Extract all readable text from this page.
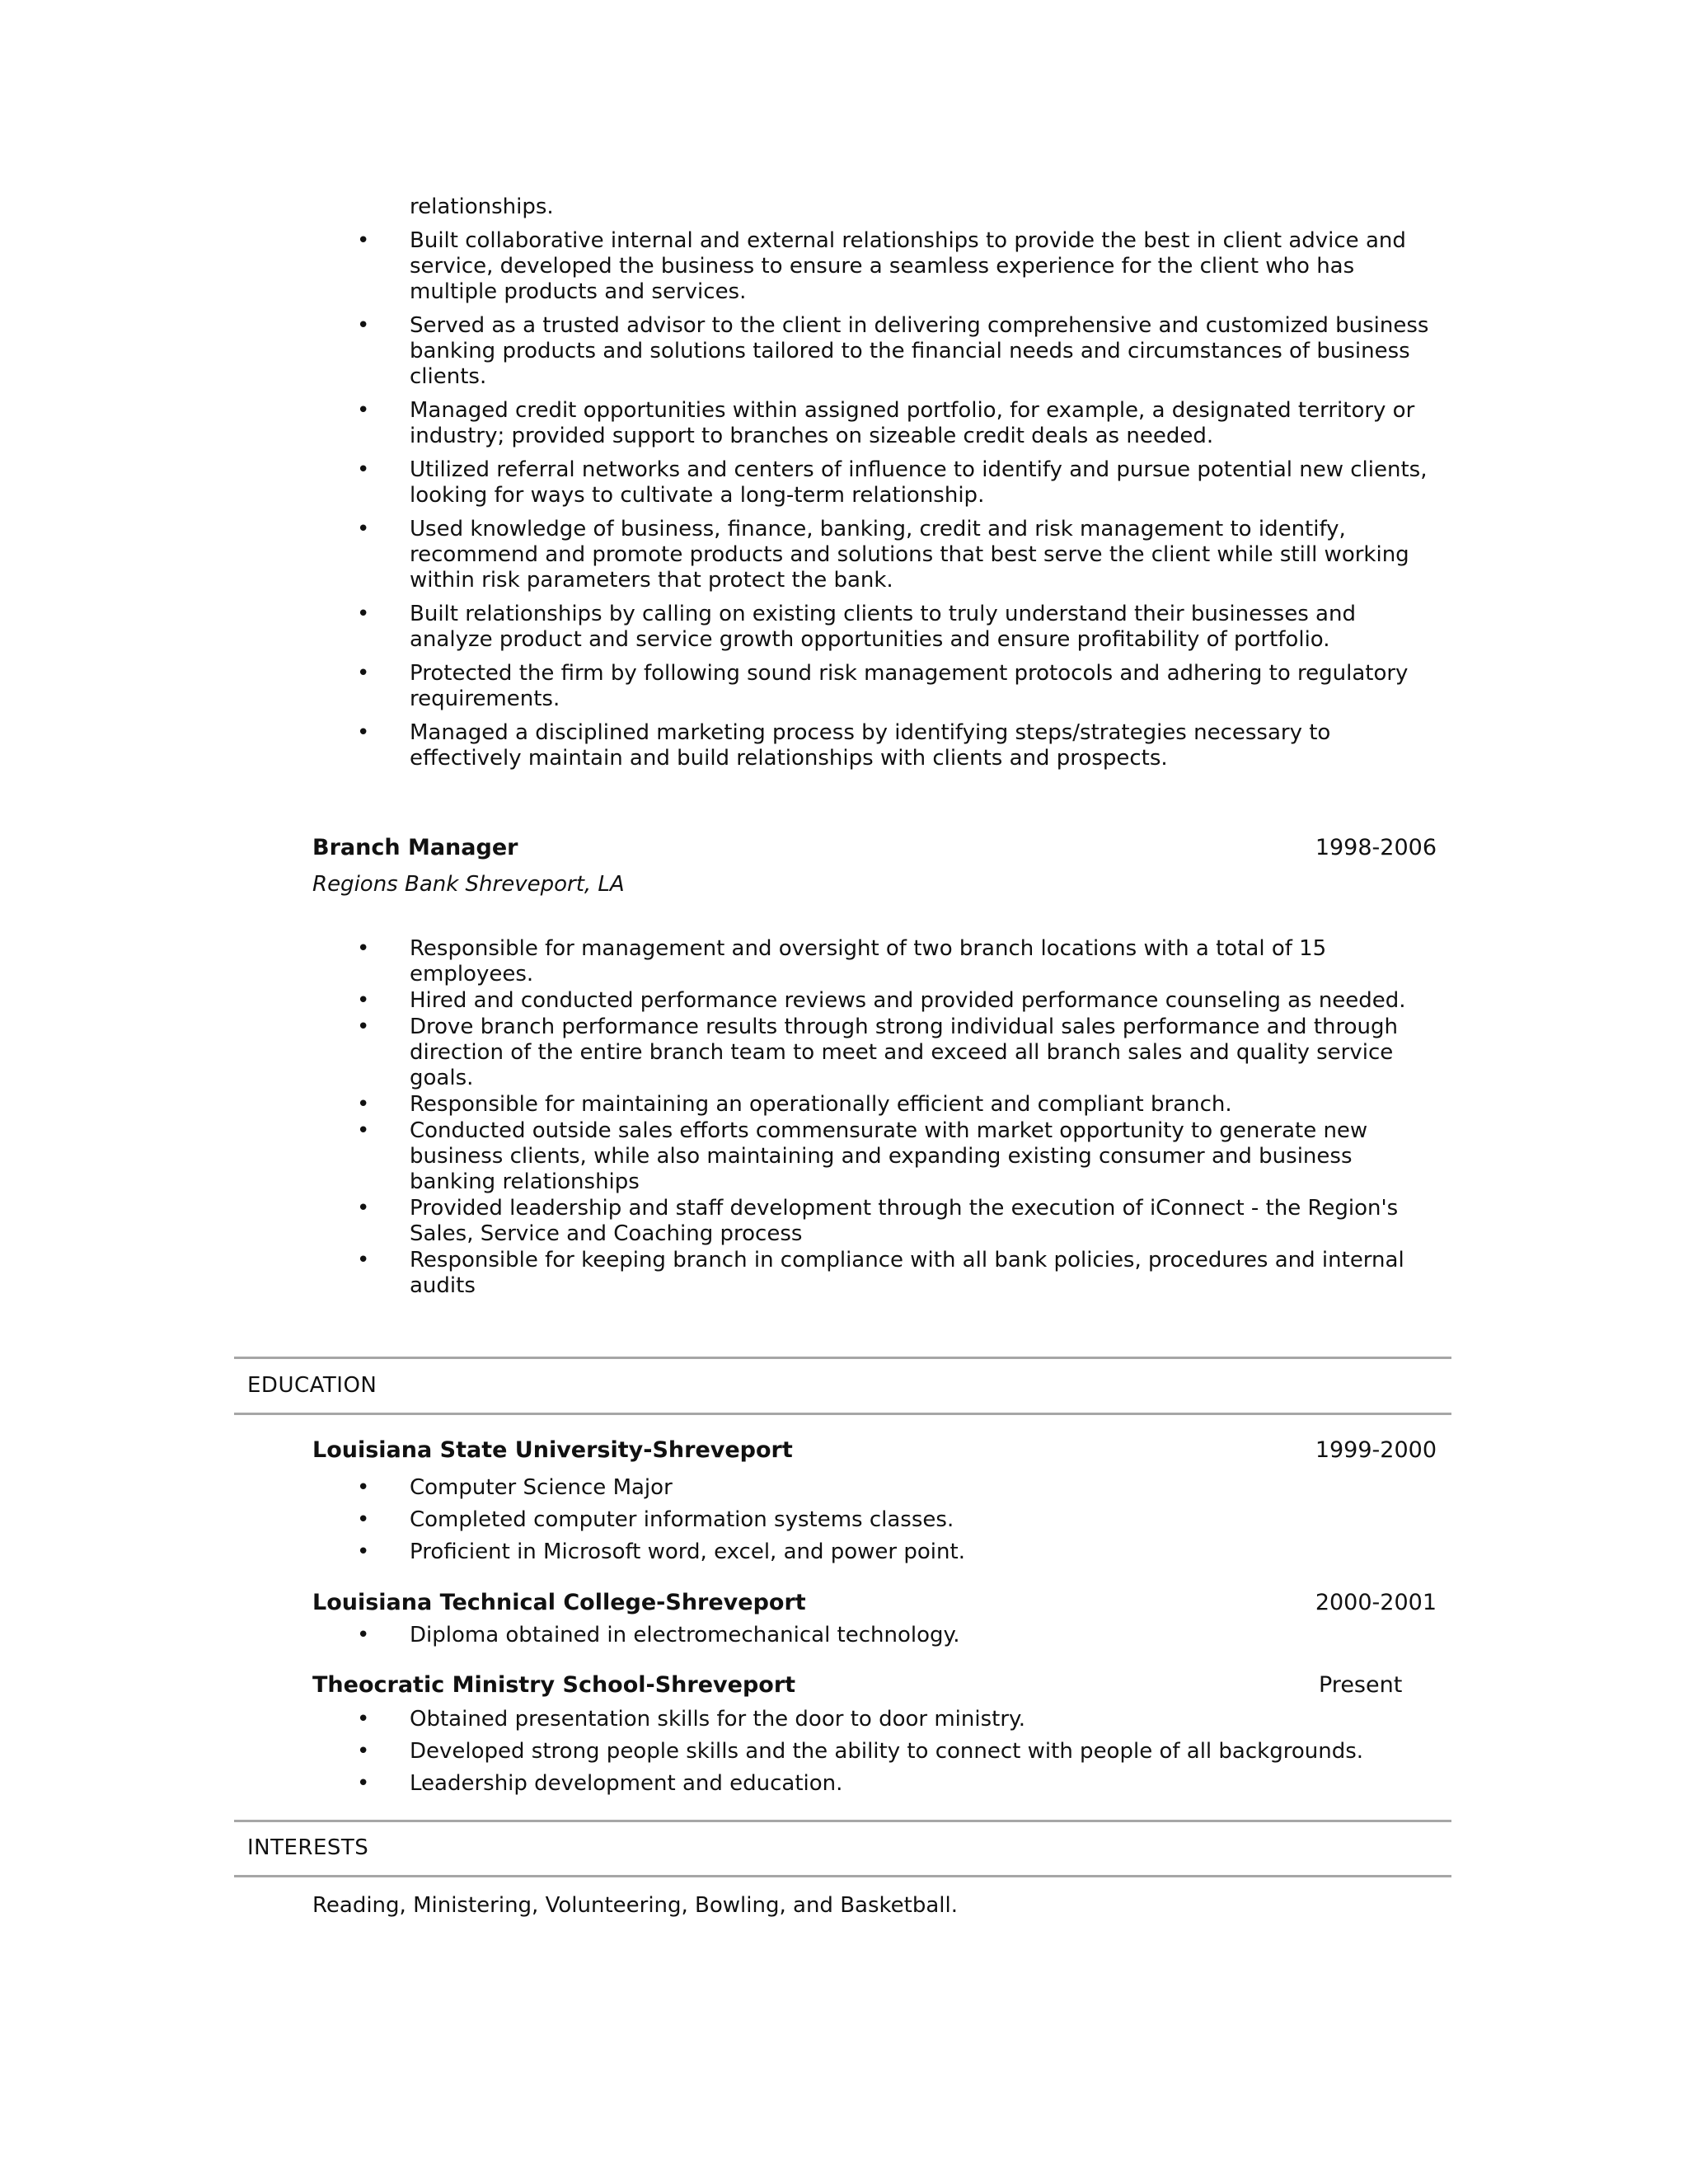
relationships.

• Built collaborative internal and external relationships to provide the best in client advice and service, developed the business to ensure a seamless experience for the client who has multiple products and services.
• Served as a trusted advisor to the client in delivering comprehensive and customized business banking products and solutions tailored to the financial needs and circumstances of business clients.
• Managed credit opportunities within assigned portfolio, for example, a designated territory or industry; provided support to branches on sizeable credit deals as needed.
• Utilized referral networks and centers of influence to identify and pursue potential new clients, looking for ways to cultivate a long-term relationship.
• Used knowledge of business, finance, banking, credit and risk management to identify, recommend and promote products and solutions that best serve the client while still working within risk parameters that protect the bank.
• Built relationships by calling on existing clients to truly understand their businesses and analyze product and service growth opportunities and ensure profitability of portfolio.
• Protected the firm by following sound risk management protocols and adhering to regulatory requirements.
• Managed a disciplined marketing process by identifying steps/strategies necessary to effectively maintain and build relationships with clients and prospects.
Branch Manager	1998-2006
Regions Bank Shreveport, LA
• Responsible for management and oversight of two branch locations with a total of 15 employees.
• Hired and conducted performance reviews and provided performance counseling as needed.
• Drove branch performance results through strong individual sales performance and through direction of the entire branch team to meet and exceed all branch sales and quality service goals.
• Responsible for maintaining an operationally efficient and compliant branch.
• Conducted outside sales efforts commensurate with market opportunity to generate new business clients, while also maintaining and expanding existing consumer and business banking relationships
• Provided leadership and staff development through the execution of iConnect - the Region's Sales, Service and Coaching process
• Responsible for keeping branch in compliance with all bank policies, procedures and internal audits
EDUCATION
Louisiana State University-Shreveport	1999-2000
• Computer Science Major
• Completed computer information systems classes.
• Proficient in Microsoft word, excel, and power point.
Louisiana Technical College-Shreveport	2000-2001
• Diploma obtained in electromechanical technology.
Theocratic Ministry School-Shreveport	Present
• Obtained presentation skills for the door to door ministry.
• Developed strong people skills and the ability to connect with people of all backgrounds.
• Leadership development and education.
INTERESTS

Reading, Ministering, Volunteering, Bowling, and Basketball.
